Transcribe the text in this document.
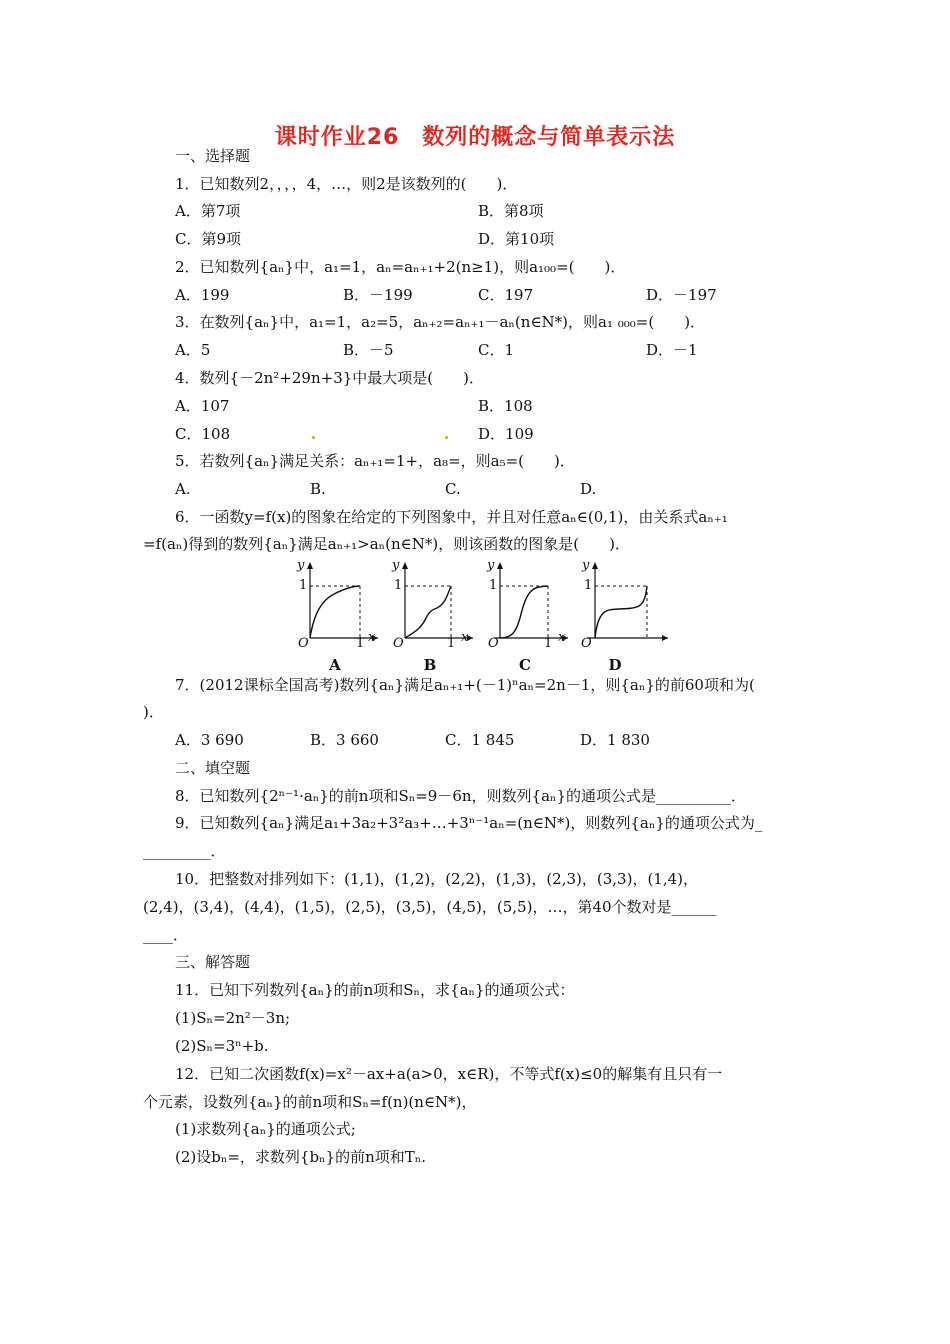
课时作业26　数列的概念与简单表示法
一、选择题
1．已知数列2，，，，4，…，则2是该数列的(　　)．
A．第7项	B．第8项
C．第9项	D．第10项
2．已知数列{aₙ}中，a₁=1，aₙ=aₙ₊₁+2(n≥1)，则a₁₀₀=(　　)．
A．199	B．－199	C．197	D．－197
3．在数列{aₙ}中，a₁=1，a₂=5，aₙ₊₂=aₙ₊₁－aₙ(n∈N*)，则a₁ ₀₀₀=(　　)．
A．5	B．－5	C．1	D．－1
4．数列{－2n²+29n+3}中最大项是(　　)．
A．107	B．108
C．108	D．109
5．若数列{aₙ}满足关系：aₙ₊₁=1+，a₈=，则a₅=(　　)．
A.	B.	C.	D.
6．一函数y=f(x)的图象在给定的下列图象中，并且对任意aₙ∈(0,1)，由关系式aₙ₊₁
=f(aₙ)得到的数列{aₙ}满足aₙ₊₁>aₙ(n∈N*)，则该函数的图象是(　　)．
y
1
O	1 x
A
y
1
O	1 x
B
y
1
O	1 x
C
y
1
O
D
7．(2012课标全国高考)数列{aₙ}满足aₙ₊₁+(－1)ⁿaₙ=2n－1，则{aₙ}的前60项和为(
)．
A．3 690	B．3 660	C．1 845	D．1 830
二、填空题
8．已知数列{2ⁿ⁻¹·aₙ}的前n项和Sₙ=9－6n，则数列{aₙ}的通项公式是__________．
9．已知数列{aₙ}满足a₁+3a₂+3²a₃+…+3ⁿ⁻¹aₙ=(n∈N*)，则数列{aₙ}的通项公式为_
_________．
10．把整数对排列如下：(1,1)，(1,2)，(2,2)，(1,3)，(2,3)，(3,3)，(1,4)，
(2,4)，(3,4)，(4,4)，(1,5)，(2,5)，(3,5)，(4,5)，(5,5)，…，第40个数对是______
____．
三、解答题
11．已知下列数列{aₙ}的前n项和Sₙ，求{aₙ}的通项公式：
(1)Sₙ=2n²－3n;
(2)Sₙ=3ⁿ+b.
12．已知二次函数f(x)=x²－ax+a(a>0，x∈R)，不等式f(x)≤0的解集有且只有一
个元素，设数列{aₙ}的前n项和Sₙ=f(n)(n∈N*)，
(1)求数列{aₙ}的通项公式;
(2)设bₙ=，求数列{bₙ}的前n项和Tₙ.
